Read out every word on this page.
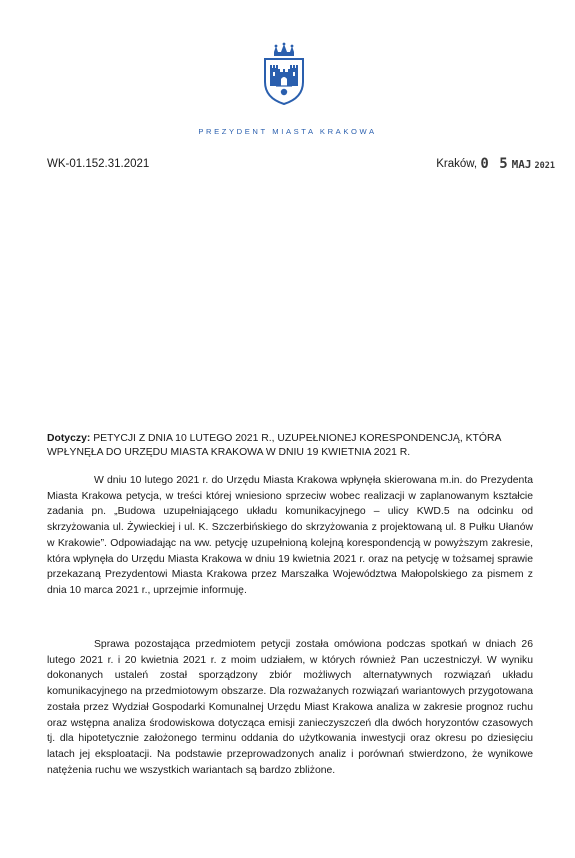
PREZYDENT MIASTA KRAKOWA
WK-01.152.31.2021	Kraków, 0 5 MAJ 2021
Dotyczy: PETYCJI Z DNIA 10 LUTEGO 2021 R., UZUPEŁNIONEJ KORESPONDENCJĄ, KTÓRA WPŁYNĘŁA DO URZĘDU MIASTA KRAKOWA W DNIU 19 KWIETNIA 2021 R.

W dniu 10 lutego 2021 r. do Urzędu Miasta Krakowa wpłynęła skierowana m.in. do Prezydenta Miasta Krakowa petycja, w treści której wniesiono sprzeciw wobec realizacji w zaplanowanym kształcie zadania pn. „Budowa uzupełniającego układu komunikacyjnego – ulicy KWD.5 na odcinku od skrzyżowania ul. Żywieckiej i ul. K. Szczerbińskiego do skrzyżowania z projektowaną ul. 8 Pułku Ułanów w Krakowie”. Odpowiadając na ww. petycję uzupełnioną kolejną korespondencją w powyższym zakresie, która wpłynęła do Urzędu Miasta Krakowa w dniu 19 kwietnia 2021 r. oraz na petycję w tożsamej sprawie przekazaną Prezydentowi Miasta Krakowa przez Marszałka Województwa Małopolskiego za pismem z dnia 10 marca 2021 r., uprzejmie informuję.

Sprawa pozostająca przedmiotem petycji została omówiona podczas spotkań w dniach 26 lutego 2021 r. i 20 kwietnia 2021 r. z moim udziałem, w których również Pan uczestniczył. W wyniku dokonanych ustaleń został sporządzony zbiór możliwych alternatywnych rozwiązań układu komunikacyjnego na przedmiotowym obszarze. Dla rozważanych rozwiązań wariantowych przygotowana została przez Wydział Gospodarki Komunalnej Urzędu Miast Krakowa analiza w zakresie prognoz ruchu oraz wstępna analiza środowiskowa dotycząca emisji zanieczyszczeń dla dwóch horyzontów czasowych tj. dla hipotetycznie założonego terminu oddania do użytkowania inwestycji oraz okresu po dziesięciu latach jej eksploatacji. Na podstawie przeprowadzonych analiz i porównań stwierdzono, że wynikowe natężenia ruchu we wszystkich wariantach są bardzo zbliżone.
